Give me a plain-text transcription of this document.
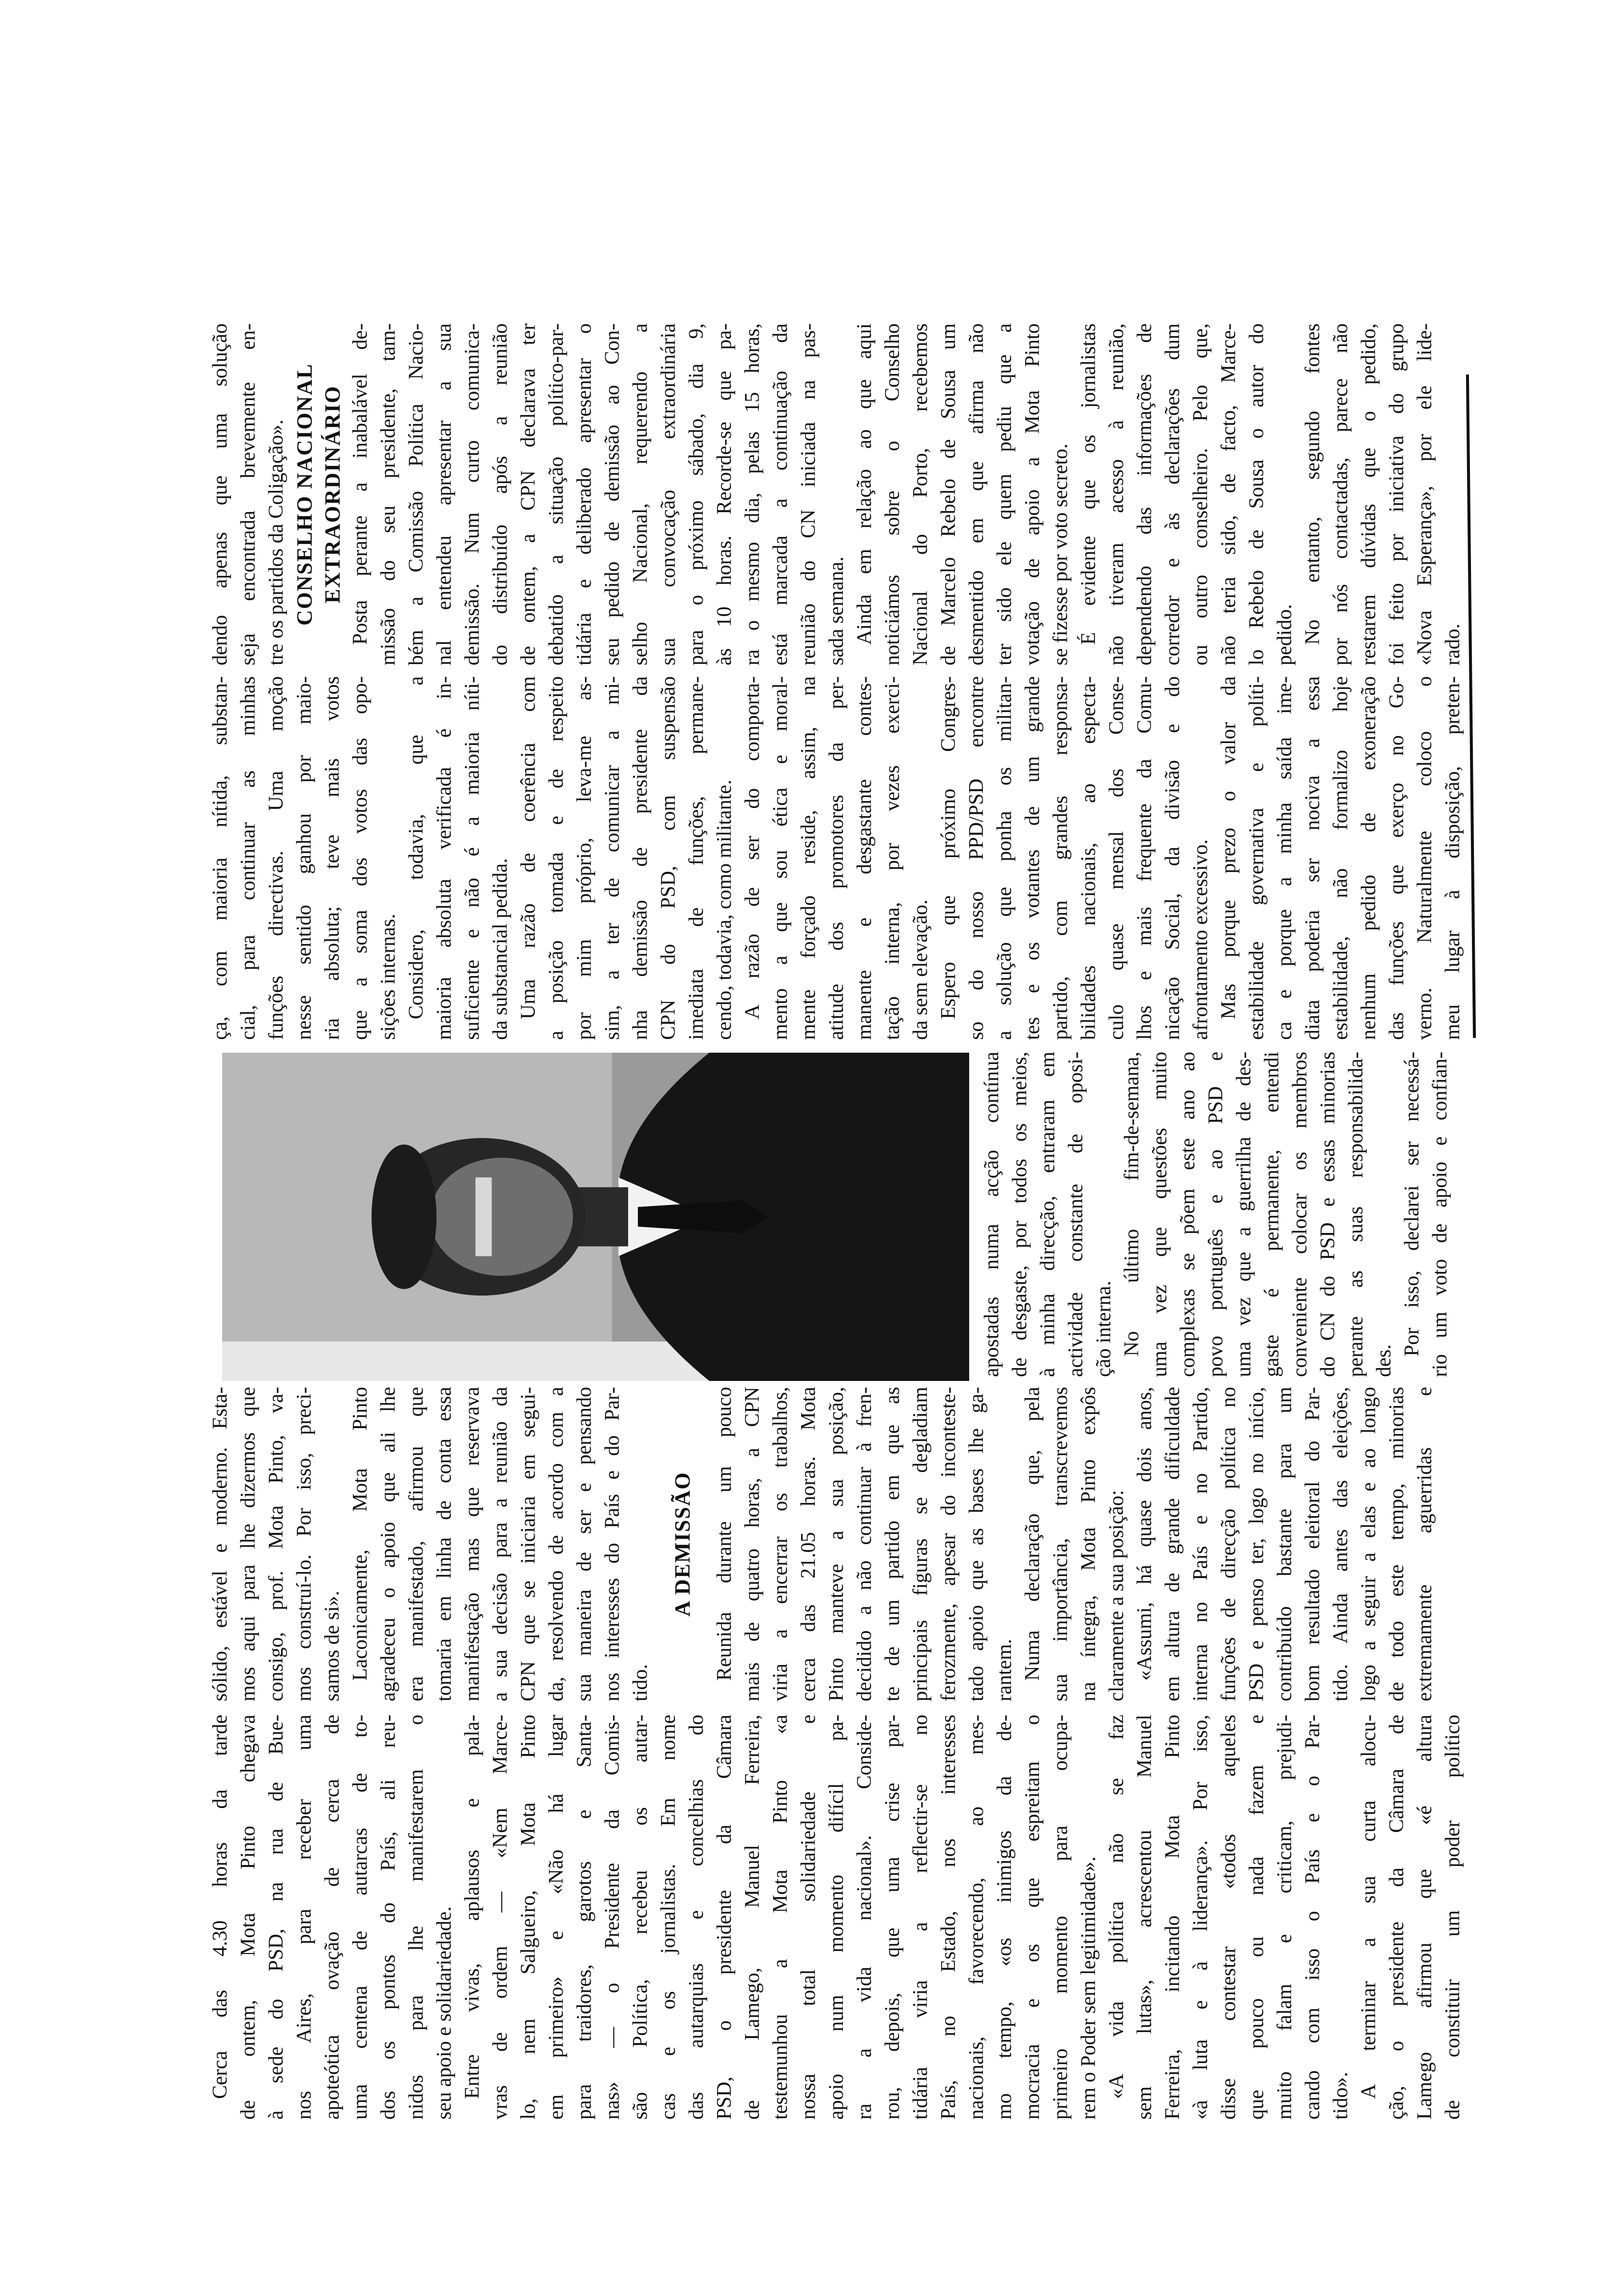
Cerca das 4.30 horas da tarde de ontem, Mota Pinto chegava à sede do PSD, na rua de Bue- nos Aires, para receber uma apoteótica ovação de cerca de uma centena de autarcas de to- dos os pontos do País, ali reu- nidos para lhe manifestarem o seu apoio e solidariedade. Entre vivas, aplausos e pala- vras de ordem — «Nem Marce- lo, nem Salgueiro, Mota Pinto em primeiro» e «Não há lugar para traidores, garotos e Santa- nas» — o Presidente da Comis- são Política, recebeu os autar- cas e os jornalistas. Em nome das autarquias e concelhias do PSD, o presidente da Câmara de Lamego, Manuel Ferreira, testemunhou a Mota Pinto «a nossa total solidariedade e apoio num momento difícil pa- ra a vida nacional». Conside- rou, depois, que uma crise par- tidária viria a reflectir-se no País, no Estado, nos interesses nacionais, favorecendo, ao mes- mo tempo, «os inimigos da de- mocracia e os que espreitam o primeiro momento para ocupa- rem o Poder sem legitimidade». «A vida política não se faz sem lutas», acrescentou Manuel Ferreira, incitando Mota Pinto «à luta e à liderança». Por isso, disse contestar «todos aqueles que pouco ou nada fazem e muito falam e criticam, prejudi- cando com isso o País e o Par- tido». A terminar a sua curta alocu- ção, o presidente da Câmara de Lamego afirmou que «é altura de constituir um poder político
sólido, estável e moderno. Esta- mos aqui para lhe dizermos que consigo, prof. Mota Pinto, va- mos construí-lo. Por isso, preci- samos de si». Laconicamente, Mota Pinto agradeceu o apoio que ali lhe era manifestado, afirmou que tomaria em linha de conta essa manifestação mas que reservava a sua decisão para a reunião da CPN que se iniciaria em segui- da, resolvendo de acordo com a sua maneira de ser e pensando nos interesses do País e do Par- tido.
A DEMISSÃO Reunida durante um pouco mais de quatro horas, a CPN viria a encerrar os trabalhos, cerca das 21.05 horas. Mota Pinto manteve a sua posição, decidido a não continuar à fren- te de um partido em que as principais figuras se degladiam ferozmente, apesar do inconteste- tado apoio que as bases lhe ga- rantem. Numa declaração que, pela sua importância, transcrevemos na íntegra, Mota Pinto expôs claramente a sua posição: «Assumi, há quase dois anos, em altura de grande dificuldade interna no País e no Partido, funções de direcção política no PSD e penso ter, logo no início, contribuído bastante para um bom resultado eleitoral do Par- tido. Ainda antes das eleições, logo a seguir a elas e ao longo de todo este tempo, minorias extremamente aguerridas e
apostadas numa acção contínua de desgaste, por todos os meios, à minha direcção, entraram em actividade constante de oposi- ção interna. No último fim-de-semana, uma vez que questões muito complexas se põem este ano ao povo português e ao PSD e uma vez que a guerrilha de des- gaste é permanente, entendi conveniente colocar os membros do CN do PSD e essas minorias perante as suas responsabilida- des.
Por isso, declarei ser necessá- rio um voto de apoio e confian-
ça, com maioria nítida, substan- cial, para continuar as minhas funções directivas. Uma moção nesse sentido ganhou por maio- ria absoluta; teve mais votos que a soma dos votos das opo- sições internas. Considero, todavia, que a maioria absoluta verificada é in- suficiente e não é a maioria níti- da substancial pedida. Uma razão de coerência com a posição tomada e de respeito por mim próprio, leva-me as- sim, a ter de comunicar a mi- nha demissão de presidente da CPN do PSD, com suspensão imediata de funções, permane- cendo, todavia, como militante. A razão de ser do comporta- mento a que sou ética e moral- mente forçado reside, assim, na atitude dos promotores da per- manente e desgastante contes- tação interna, por vezes exerci- da sem elevação. Espero que próximo Congres- so do nosso PPD/PSD encontre a solução que ponha os militan- tes e os votantes de um grande partido, com grandes responsa- bilidades nacionais, ao especta- culo quase mensal dos Conse- lhos e mais frequente da Comu- nicação Social, da divisão e do afrontamento excessivo. Mas porque prezo o valor da estabilidade governativa e políti- ca e porque a minha saída ime- diata poderia ser nociva a essa estabilidade, não formalizo hoje nenhum pedido de exoneração das funções que exerço no Go- verno. Naturalmente coloco o meu lugar à disposição, preten-
dendo apenas que uma solução seja encontrada brevemente en- tre os partidos da Coligação». CONSELHO NACIONAL EXTRAORDINÁRIO Posta perante a inabalável de- missão do seu presidente, tam- bém a Comissão Política Nacio- nal entendeu apresentar a sua demissão. Num curto comunica- do distribuído após a reunião de ontem, a CPN declarava ter debatido a situação político-par- tidária e deliberado apresentar o seu pedido de demissão ao Con- selho Nacional, requerendo a sua convocação extraordinária para o próximo sábado, dia 9, às 10 horas. Recorde-se que pa- ra o mesmo dia, pelas 15 horas, está marcada a continuação da reunião do CN iniciada na pas- sada semana. Ainda em relação ao que aqui noticiámos sobre o Conselho Nacional do Porto, recebemos de Marcelo Rebelo de Sousa um desmentido em que afirma não ter sido ele quem pediu que a votação de apoio a Mota Pinto se fizesse por voto secreto. É evidente que os jornalistas não tiveram acesso à reunião, dependendo das informações de corredor e às declarações dum ou outro conselheiro. Pelo que, não teria sido, de facto, Marce- lo Rebelo de Sousa o autor do pedido. No entanto, segundo fontes por nós contactadas, parece não restarem dúvidas que o pedido, foi feito por iniciativa do grupo «Nova Esperança», por ele lide- rado.
